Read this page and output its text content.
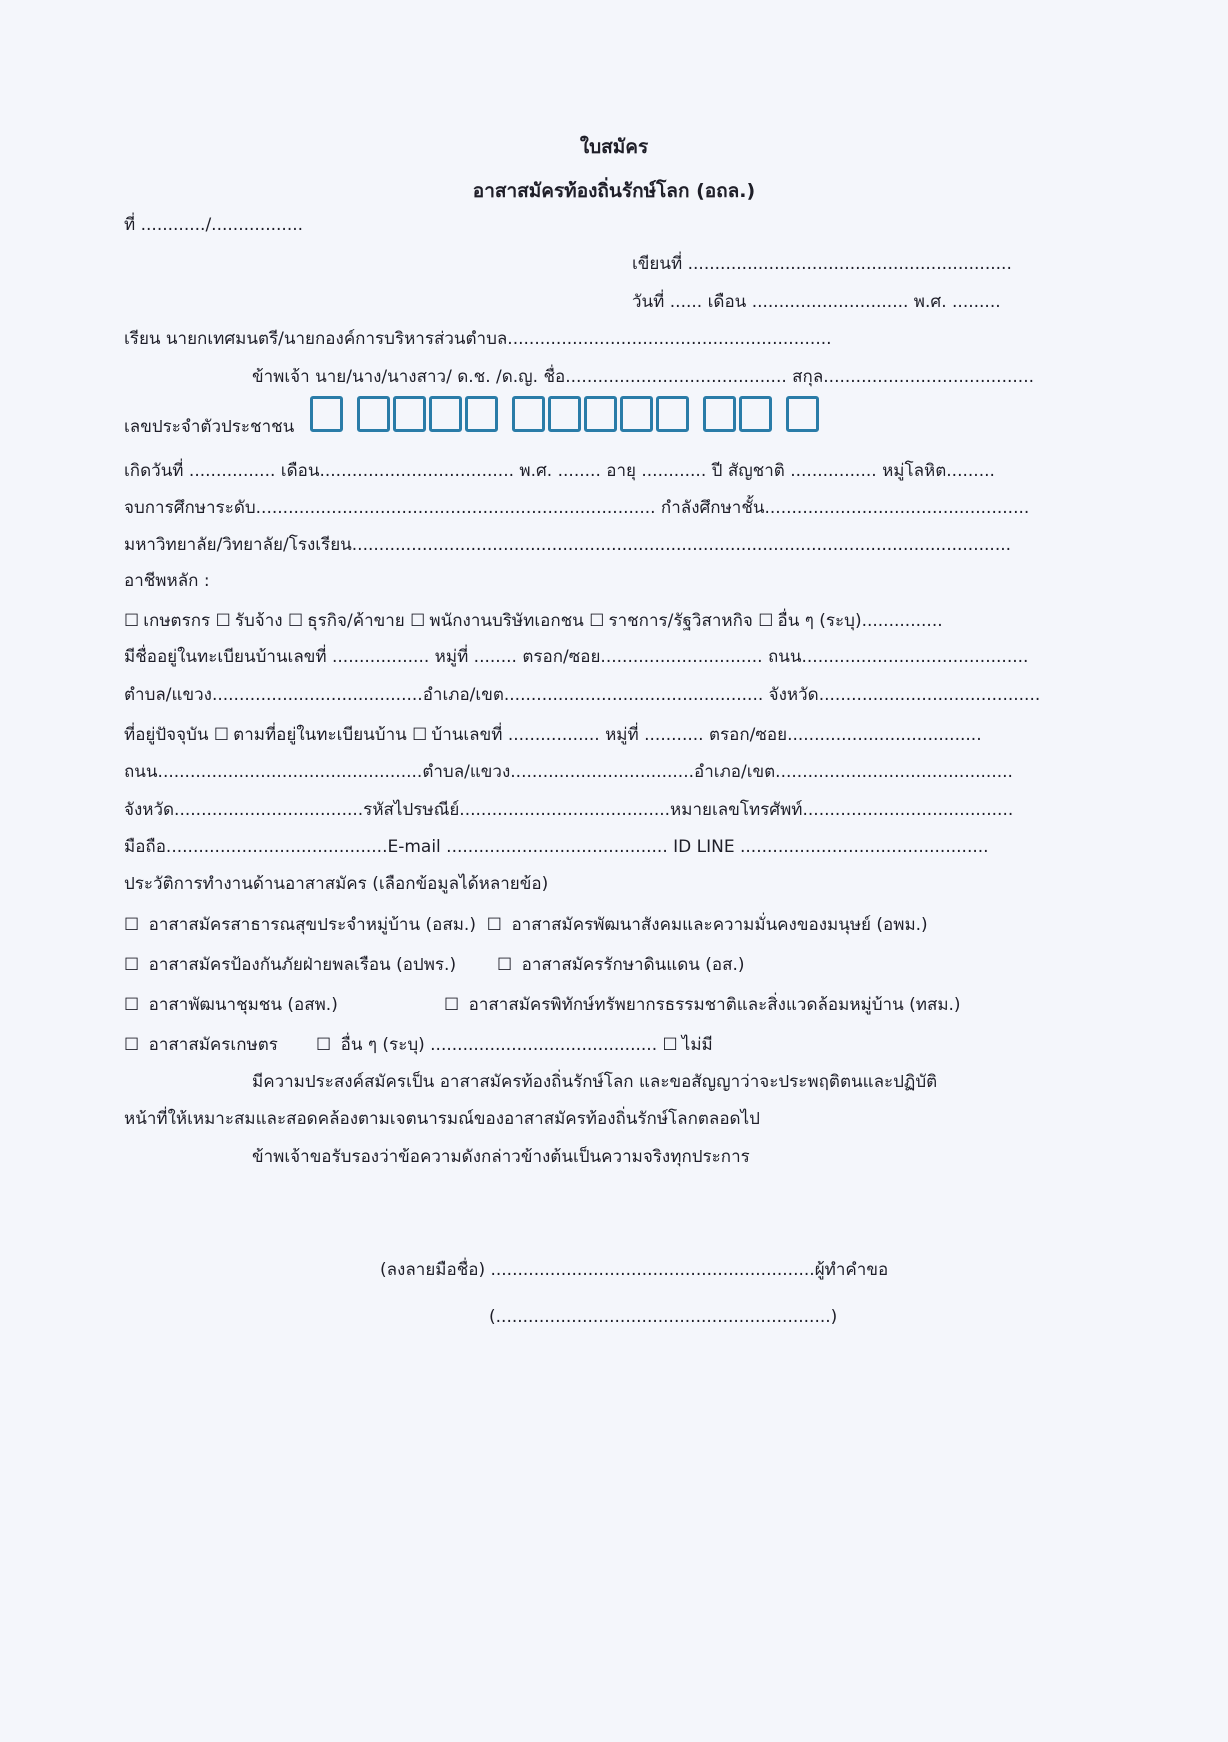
ใบสมัคร
อาสาสมัครท้องถิ่นรักษ์โลก (อถล.)
ที่ ............/.................
เขียนที่ ............................................................
วันที่ ...... เดือน ............................. พ.ศ. .........
เรียน นายกเทศมนตรี/นายกองค์การบริหารส่วนตำบล............................................................
ข้าพเจ้า นาย/นาง/นางสาว/ ด.ช. /ด.ญ. ชื่อ......................................... สกุล.......................................
เลขประจำตัวประชาชน
เกิดวันที่ ................ เดือน.................................... พ.ศ. ........ อายุ ............ ปี สัญชาติ ................ หมู่โลหิต.........
จบการศึกษาระดับ.......................................................................... กำลังศึกษาชั้น.................................................
มหาวิทยาลัย/วิทยาลัย/โรงเรียน..........................................................................................................................
อาชีพหลัก :
☐ เกษตรกร ☐ รับจ้าง ☐ ธุรกิจ/ค้าขาย ☐ พนักงานบริษัทเอกชน ☐ ราชการ/รัฐวิสาหกิจ ☐ อื่น ๆ (ระบุ)...............
มีชื่ออยู่ในทะเบียนบ้านเลขที่ .................. หมู่ที่ ........ ตรอก/ซอย.............................. ถนน..........................................
ตำบล/แขวง.......................................อำเภอ/เขต................................................ จังหวัด.........................................
ที่อยู่ปัจจุบัน ☐ ตามที่อยู่ในทะเบียนบ้าน ☐ บ้านเลขที่ ................. หมู่ที่ ........... ตรอก/ซอย....................................
ถนน.................................................ตำบล/แขวง..................................อำเภอ/เขต............................................
จังหวัด...................................รหัสไปรษณีย์.......................................หมายเลขโทรศัพท์.......................................
มือถือ.........................................E-mail ......................................... ID LINE ..............................................
ประวัติการทำงานด้านอาสาสมัคร (เลือกข้อมูลได้หลายข้อ)
☐ อาสาสมัครสาธารณสุขประจำหมู่บ้าน (อสม.) ☐ อาสาสมัครพัฒนาสังคมและความมั่นคงของมนุษย์ (อพม.)
☐ อาสาสมัครป้องกันภัยฝ่ายพลเรือน (อปพร.) ☐ อาสาสมัครรักษาดินแดน (อส.)
☐ อาสาพัฒนาชุมชน (อสพ.)	☐ อาสาสมัครพิทักษ์ทรัพยากรธรรมชาติและสิ่งแวดล้อมหมู่บ้าน (ทสม.)
☐ อาสาสมัครเกษตร ☐ อื่น ๆ (ระบุ) .......................................... ☐ ไม่มี
มีความประสงค์สมัครเป็น อาสาสมัครท้องถิ่นรักษ์โลก และขอสัญญาว่าจะประพฤติตนและปฏิบัติ
หน้าที่ให้เหมาะสมและสอดคล้องตามเจตนารมณ์ของอาสาสมัครท้องถิ่นรักษ์โลกตลอดไป
ข้าพเจ้าขอรับรองว่าข้อความดังกล่าวข้างต้นเป็นความจริงทุกประการ
(ลงลายมือชื่อ) ............................................................ผู้ทำคำขอ
(..............................................................)
